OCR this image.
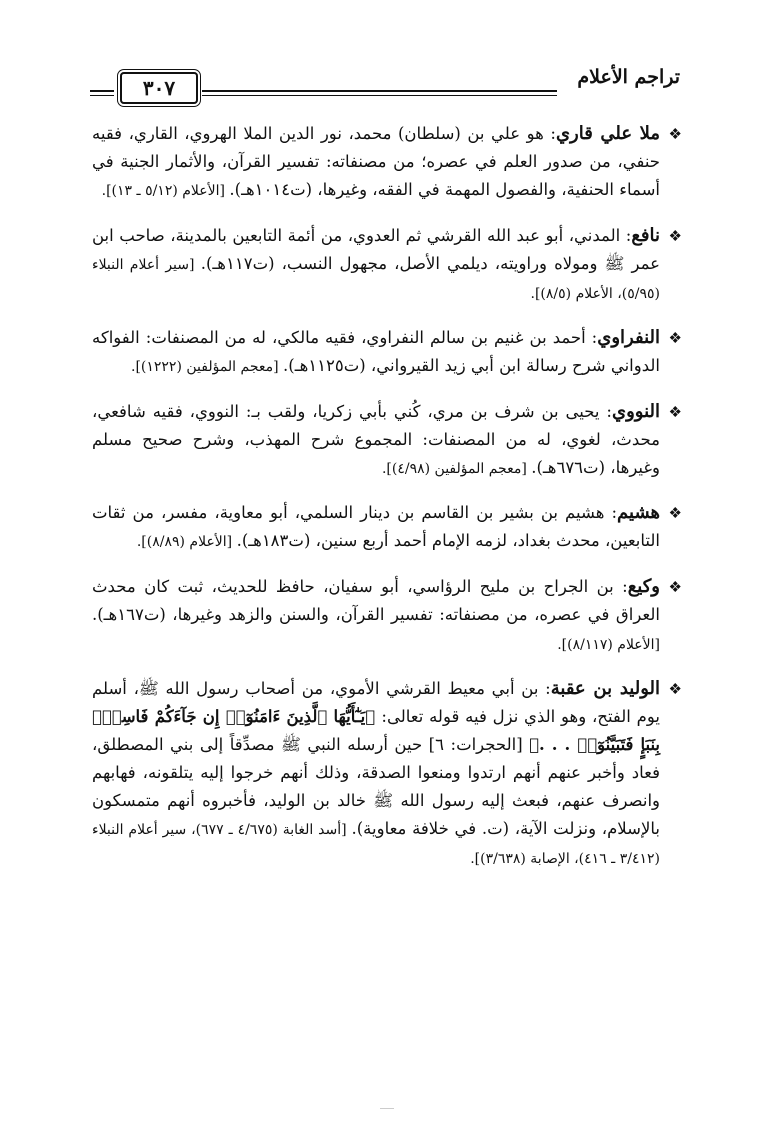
تراجم الأعلام
٣٠٧

❖
ملا علي قاري: هو علي بن (سلطان) محمد، نور الدين الملا الهروي، القاري، فقيه حنفي، من صدور العلم في عصره؛ من مصنفاته: تفسير القرآن، والأثمار الجنية في أسماء الحنفية، والفصول المهمة في الفقه، وغيرها، (ت١٠١٤هـ). [الأعلام (٥/١٢ ـ ١٣)].

❖
نافع: المدني، أبو عبد الله القرشي ثم العدوي، من أئمة التابعين بالمدينة، صاحب ابن عمر ﷺ ومولاه وراويته، ديلمي الأصل، مجهول النسب، (ت١١٧هـ). [سير أعلام النبلاء (٥/٩٥)، الأعلام (٨/٥)].

❖
النفراوي: أحمد بن غنيم بن سالم النفراوي، فقيه مالكي، له من المصنفات: الفواكه الدواني شرح رسالة ابن أبي زيد القيرواني، (ت١١٢٥هـ). [معجم المؤلفين (١٢٢٢)].

❖
النووي: يحيى بن شرف بن مري، كُني بأبي زكريا، ولقب بـ: النووي، فقيه شافعي، محدث، لغوي، له من المصنفات: المجموع شرح المهذب، وشرح صحيح مسلم وغيرها، (ت٦٧٦هـ). [معجم المؤلفين (٤/٩٨)].

❖
هشيم: هشيم بن بشير بن القاسم بن دينار السلمي، أبو معاوية، مفسر، من ثقات التابعين، محدث بغداد، لزمه الإمام أحمد أربع سنين، (ت١٨٣هـ). [الأعلام (٨/٨٩)].

❖
وكيع: بن الجراح بن مليح الرؤاسي، أبو سفيان، حافظ للحديث، ثبت كان محدث العراق في عصره، من مصنفاته: تفسير القرآن، والسنن والزهد وغيرها، (ت١٦٧هـ). [الأعلام (٨/١١٧)].

❖
الوليد بن عقبة: بن أبي معيط القرشي الأموي، من أصحاب رسول الله ﷺ، أسلم يوم الفتح، وهو الذي نزل فيه قوله تعالى: ﴿يَـٰٓأَيُّهَا ٱلَّذِينَ ءَامَنُوٓا۟ إِن جَآءَكُمْ فَاسِقٌۢ بِنَبَإٍ فَتَبَيَّنُوٓا۟ . . .﴾ [الحجرات: ٦] حين أرسله النبي ﷺ مصدِّقاً إلى بني المصطلق، فعاد وأخبر عنهم أنهم ارتدوا ومنعوا الصدقة، وذلك أنهم خرجوا إليه يتلقونه، فهابهم وانصرف عنهم، فبعث إليه رسول الله ﷺ خالد بن الوليد، فأخبروه أنهم متمسكون بالإسلام، ونزلت الآية، (ت. في خلافة معاوية). [أسد الغابة (٤/٦٧٥ ـ ٦٧٧)، سير أعلام النبلاء (٣/٤١٢ ـ ٤١٦)، الإصابة (٣/٦٣٨)].
